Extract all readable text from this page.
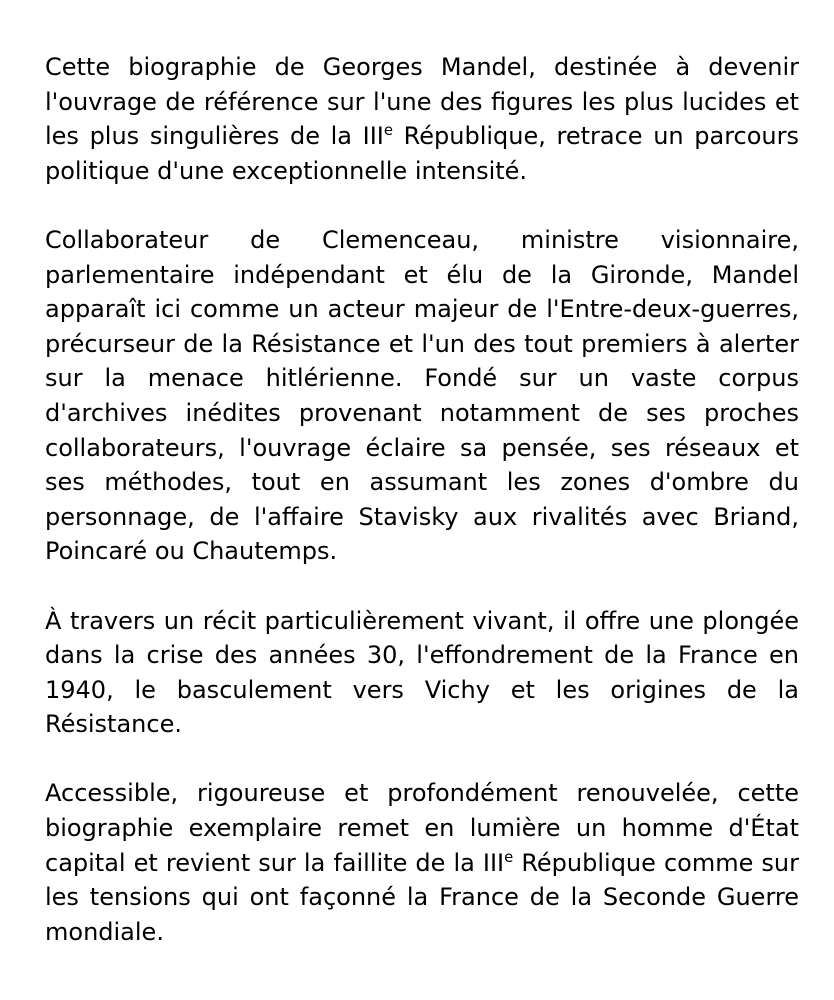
Cette biographie de Georges Mandel, destinée à devenir l'ouvrage de référence sur l'une des figures les plus lucides et les plus singulières de la IIIe République, retrace un parcours politique d'une exceptionnelle intensité.

Collaborateur de Clemenceau, ministre visionnaire, parlementaire indépendant et élu de la Gironde, Mandel apparaît ici comme un acteur majeur de l'Entre-deux-guerres, précurseur de la Résistance et l'un des tout premiers à alerter sur la menace hitlérienne. Fondé sur un vaste corpus d'archives inédites provenant notamment de ses proches collaborateurs, l'ouvrage éclaire sa pensée, ses réseaux et ses méthodes, tout en assumant les zones d'ombre du personnage, de l'affaire Stavisky aux rivalités avec Briand, Poincaré ou Chautemps.

À travers un récit particulièrement vivant, il offre une plongée dans la crise des années 30, l'effondrement de la France en 1940, le basculement vers Vichy et les origines de la Résistance.

Accessible, rigoureuse et profondément renouvelée, cette biographie exemplaire remet en lumière un homme d'État capital et revient sur la faillite de la IIIe République comme sur les tensions qui ont façonné la France de la Seconde Guerre mondiale.
